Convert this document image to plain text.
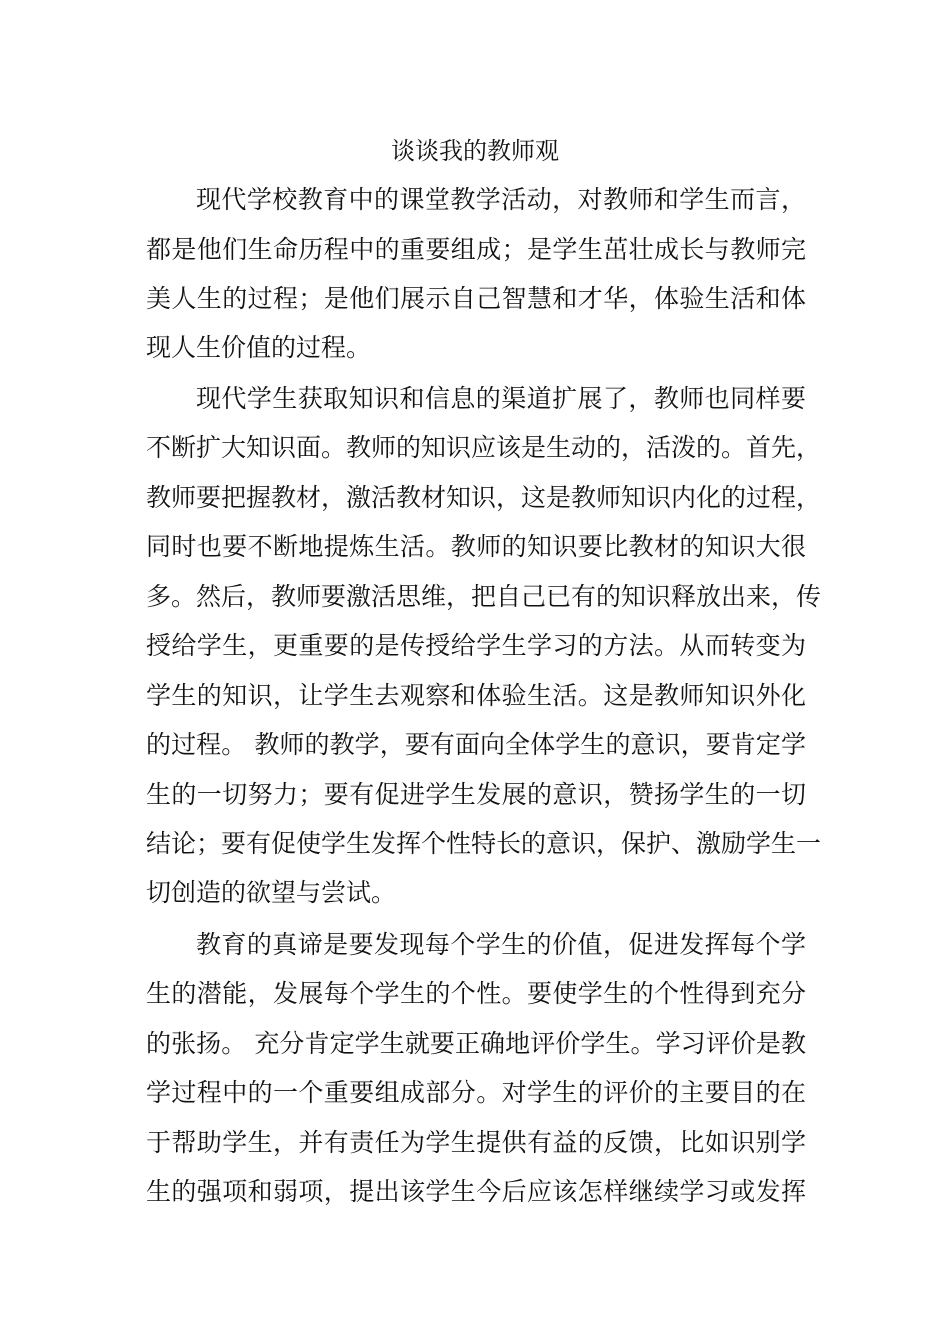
谈谈我的教师观
现代学校教育中的课堂教学活动，对教师和学生而言，
都是他们生命历程中的重要组成；是学生茁壮成长与教师完
美人生的过程；是他们展示自己智慧和才华，体验生活和体
现人生价值的过程。
现代学生获取知识和信息的渠道扩展了，教师也同样要
不断扩大知识面。教师的知识应该是生动的，活泼的。首先，
教师要把握教材，激活教材知识，这是教师知识内化的过程，
同时也要不断地提炼生活。教师的知识要比教材的知识大很
多。然后，教师要激活思维，把自己已有的知识释放出来，传
授给学生，更重要的是传授给学生学习的方法。从而转变为
学生的知识，让学生去观察和体验生活。这是教师知识外化
的过程。 教师的教学，要有面向全体学生的意识，要肯定学
生的一切努力；要有促进学生发展的意识，赞扬学生的一切
结论；要有促使学生发挥个性特长的意识，保护、激励学生一
切创造的欲望与尝试。
教育的真谛是要发现每个学生的价值，促进发挥每个学
生的潜能，发展每个学生的个性。要使学生的个性得到充分
的张扬。 充分肯定学生就要正确地评价学生。学习评价是教
学过程中的一个重要组成部分。对学生的评价的主要目的在
于帮助学生，并有责任为学生提供有益的反馈，比如识别学
生的强项和弱项，提出该学生今后应该怎样继续学习或发挥
